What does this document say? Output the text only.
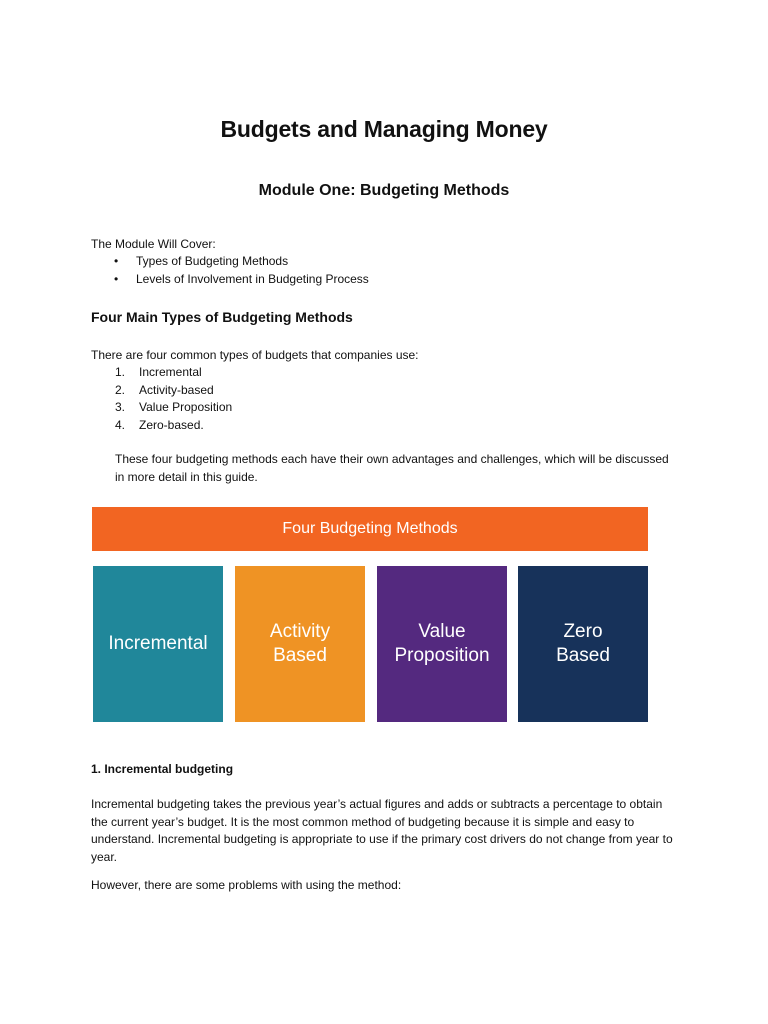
Budgets and Managing Money
Module One: Budgeting Methods
The Module Will Cover:
• Types of Budgeting Methods
• Levels of Involvement in Budgeting Process
Four Main Types of Budgeting Methods
There are four common types of budgets that companies use:
1. Incremental
2. Activity-based
3. Value Proposition
4. Zero-based.
These four budgeting methods each have their own advantages and challenges, which will be discussed in more detail in this guide.
Four Budgeting Methods
Incremental
Activity
Based
Value
Proposition
Zero
Based
1. Incremental budgeting
Incremental budgeting takes the previous year’s actual figures and adds or subtracts a percentage to obtain the current year’s budget. It is the most common method of budgeting because it is simple and easy to understand. Incremental budgeting is appropriate to use if the primary cost drivers do not change from year to year.
However, there are some problems with using the method:
